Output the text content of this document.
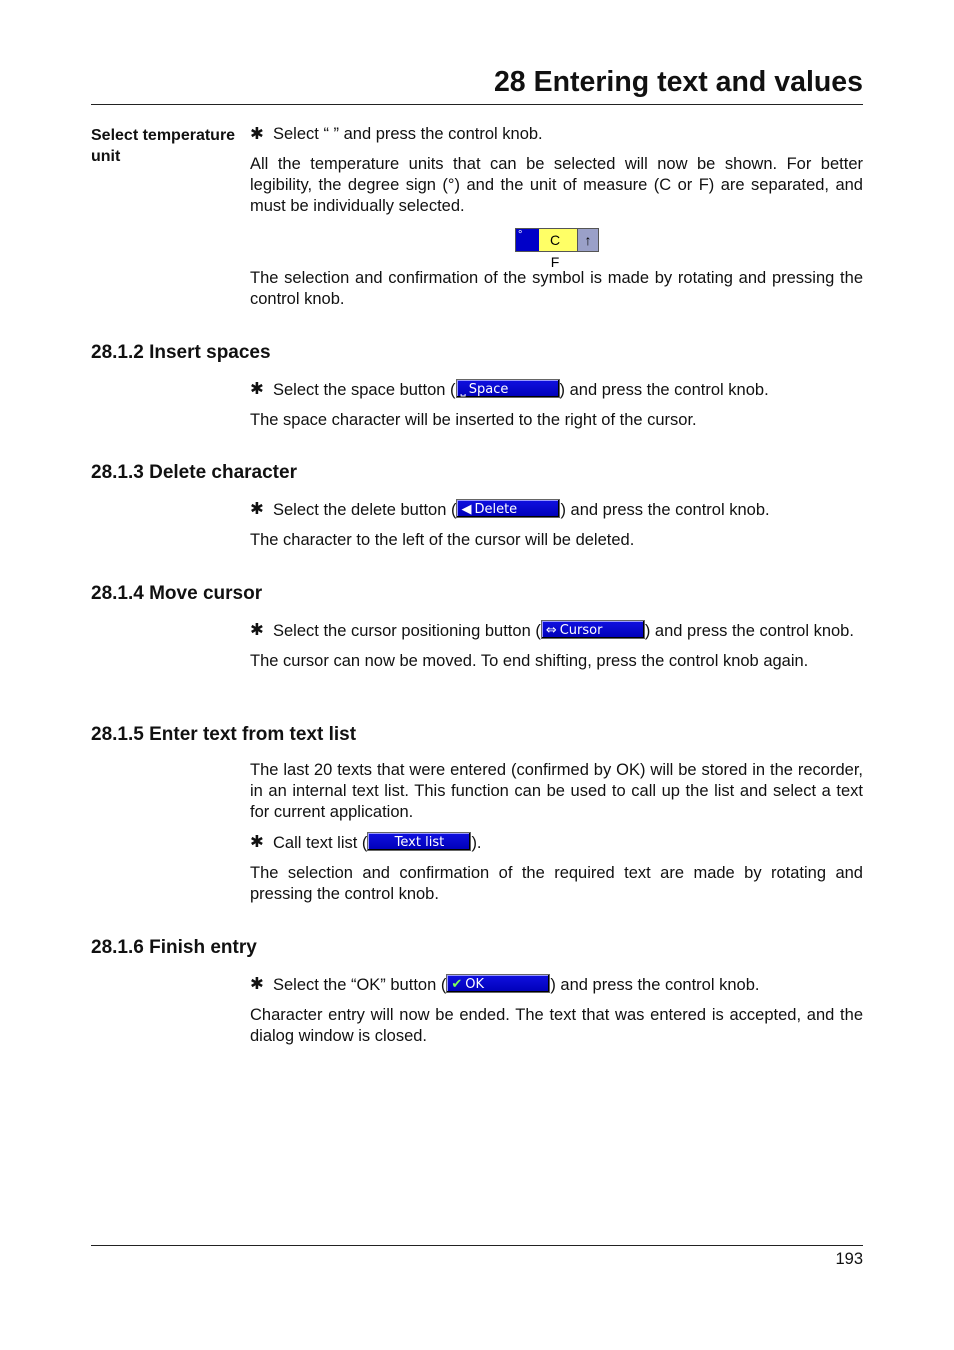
28 Entering text and values
Select temperature unit

✱ Select “ ” and press the control knob.

All the temperature units that can be selected will now be shown. For better legibility, the degree sign (°) and the unit of measure (C or F) are separated, and must be individually selected.

°	C F
↑

The selection and confirmation of the symbol is made by rotating and pressing the control knob.

28.1.2 Insert spaces

✱ Select the space button ( ⎵ Space	) and press the control knob.

The space character will be inserted to the right of the cursor.

28.1.3 Delete character

✱ Select the delete button ( ◀ Delete	) and press the control knob.

The character to the left of the cursor will be deleted.

28.1.4 Move cursor

✱ Select the cursor positioning button ( ⇔ Cursor	) and press the control knob.

The cursor can now be moved. To end shifting, press the control knob again.

28.1.5 Enter text from text list

The last 20 texts that were entered (confirmed by OK) will be stored in the recorder, in an internal text list. This function can be used to call up the list and select a text for current application.

✱ Call text list ( Text list ).

The selection and confirmation of the required text are made by rotating and pressing the control knob.

28.1.6 Finish entry

✱ Select the “OK” button ( ✔ OK	) and press the control knob.

Character entry will now be ended. The text that was entered is accepted, and the dialog window is closed.

193
